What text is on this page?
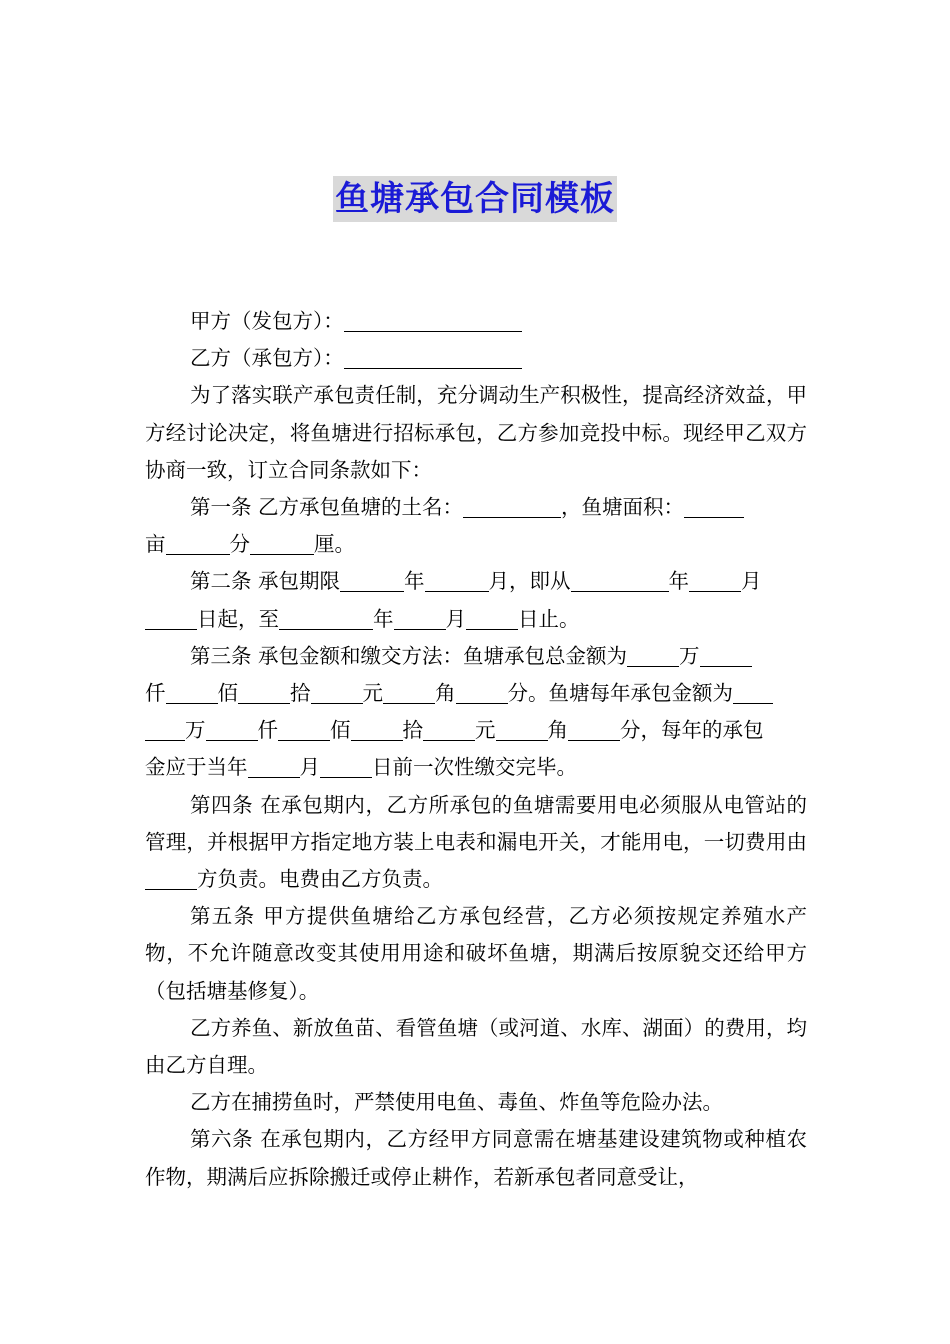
鱼塘承包合同模板

甲方（发包方）：

乙方（承包方）：

为了落实联产承包责任制，充分调动生产积极性，提高经济效益，甲方经讨论决定，将鱼塘进行招标承包，乙方参加竞投中标。现经甲乙双方协商一致，订立合同条款如下：

第一条 乙方承包鱼塘的土名：	，鱼塘面积：
亩	分	厘。

第二条 承包期限	年	月，即从	年	月
日起，至	年	月	日止。

第三条 承包金额和缴交方法：鱼塘承包总金额为	万
仟	佰	拾	元	角	分。鱼塘每年承包金额为
万	仟	佰	拾	元	角	分，每年的承包
金应于当年	月	日前一次性缴交完毕。

第四条 在承包期内，乙方所承包的鱼塘需要用电必须服从电管站的管理，并根据甲方指定地方装上电表和漏电开关，才能用电，一切费用由方负责。电费由乙方负责。

第五条 甲方提供鱼塘给乙方承包经营，乙方必须按规定养殖水产物，不允许随意改变其使用用途和破坏鱼塘，期满后按原貌交还给甲方（包括塘基修复）。

乙方养鱼、新放鱼苗、看管鱼塘（或河道、水库、湖面）的费用，均由乙方自理。

乙方在捕捞鱼时，严禁使用电鱼、毒鱼、炸鱼等危险办法。

第六条 在承包期内，乙方经甲方同意需在塘基建设建筑物或种植农作物，期满后应拆除搬迁或停止耕作，若新承包者同意受让，
